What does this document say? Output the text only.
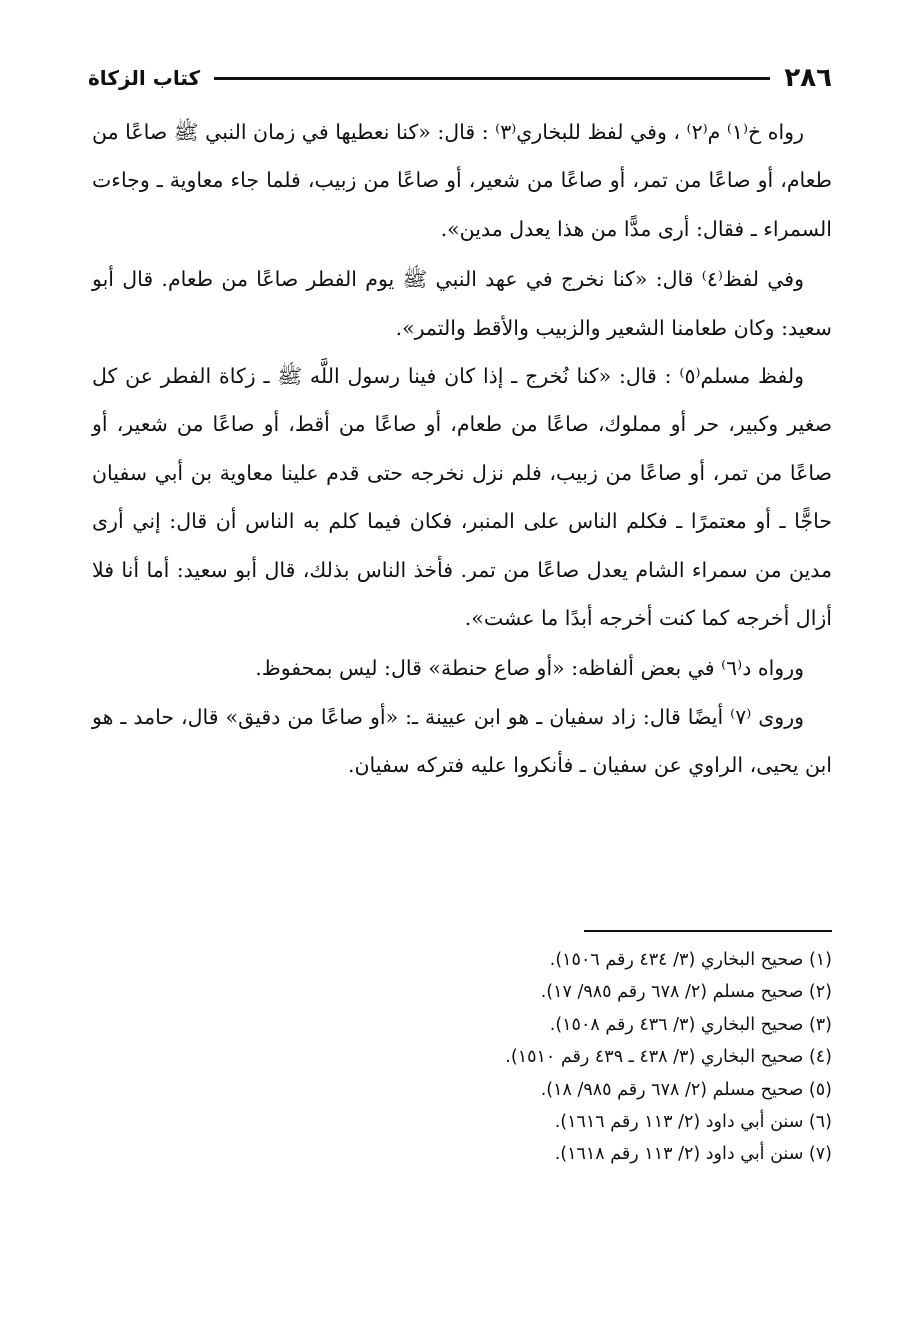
٢٨٦
كتاب الزكاة

رواه خ⁽١⁾ م⁽٢⁾ ، وفي لفظ للبخاري⁽٣⁾ : قال: «كنا نعطيها في زمان النبي ﷺ صاعًا من طعام، أو صاعًا من تمر، أو صاعًا من شعير، أو صاعًا من زبيب، فلما جاء معاوية ـ وجاءت السمراء ـ فقال: أرى مدًّا من هذا يعدل مدين».

وفي لفظ⁽٤⁾ قال: «كنا نخرج في عهد النبي ﷺ يوم الفطر صاعًا من طعام. قال أبو سعيد: وكان طعامنا الشعير والزبيب والأقط والتمر».

ولفظ مسلم⁽٥⁾ : قال: «كنا نُخرج ـ إذا كان فينا رسول اللَّه ﷺ ـ زكاة الفطر عن كل صغير وكبير، حر أو مملوك، صاعًا من طعام، أو صاعًا من أقط، أو صاعًا من شعير، أو صاعًا من تمر، أو صاعًا من زبيب، فلم نزل نخرجه حتى قدم علينا معاوية بن أبي سفيان حاجًّا ـ أو معتمرًا ـ فكلم الناس على المنبر، فكان فيما كلم به الناس أن قال: إني أرى مدين من سمراء الشام يعدل صاعًا من تمر. فأخذ الناس بذلك، قال أبو سعيد: أما أنا فلا أزال أخرجه كما كنت أخرجه أبدًا ما عشت».

ورواه د⁽٦⁾ في بعض ألفاظه: «أو صاع حنطة» قال: ليس بمحفوظ.

وروى ⁽٧⁾ أيضًا قال: زاد سفيان ـ هو ابن عيينة ـ: «أو صاعًا من دقيق» قال، حامد ـ هو ابن يحيى، الراوي عن سفيان ـ فأنكروا عليه فتركه سفيان.

(١) صحيح البخاري (٣/ ٤٣٤ رقم ١٥٠٦).

(٢) صحيح مسلم (٢/ ٦٧٨ رقم ٩٨٥/ ١٧).

(٣) صحيح البخاري (٣/ ٤٣٦ رقم ١٥٠٨).

(٤) صحيح البخاري (٣/ ٤٣٨ ـ ٤٣٩ رقم ١٥١٠).

(٥) صحيح مسلم (٢/ ٦٧٨ رقم ٩٨٥/ ١٨).

(٦) سنن أبي داود (٢/ ١١٣ رقم ١٦١٦).

(٧) سنن أبي داود (٢/ ١١٣ رقم ١٦١٨).
